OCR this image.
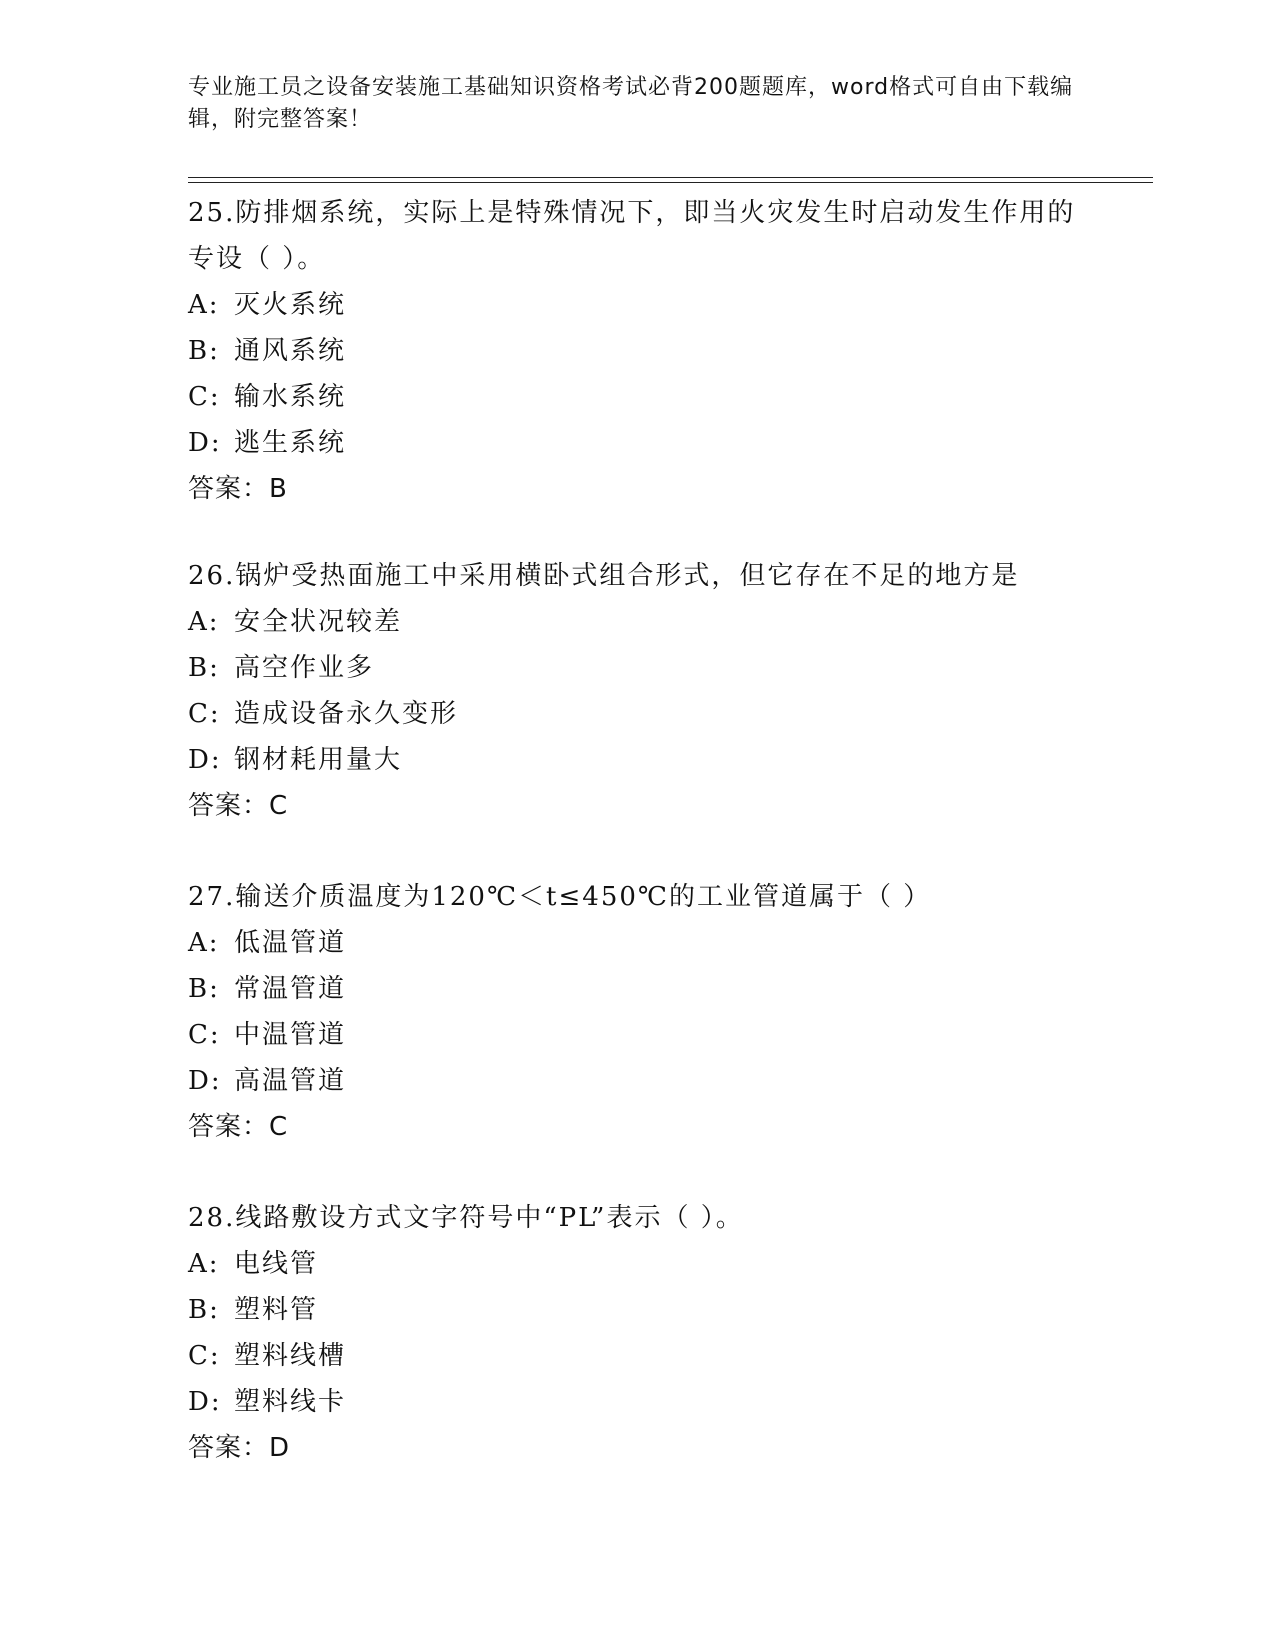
专业施工员之设备安装施工基础知识资格考试必背200题题库，word格式可自由下载编辑，附完整答案！

25.防排烟系统，实际上是特殊情况下，即当火灾发生时启动发生作用的专设（ ）。

A: 灭火系统
B: 通风系统
C: 输水系统
D: 逃生系统
答案：B

26.锅炉受热面施工中采用横卧式组合形式，但它存在不足的地方是

A: 安全状况较差
B: 高空作业多
C: 造成设备永久变形
D: 钢材耗用量大
答案：C

27.输送介质温度为120℃＜t≤450℃的工业管道属于（ ）

A: 低温管道
B: 常温管道
C: 中温管道
D: 高温管道
答案：C

28.线路敷设方式文字符号中“PL”表示（ ）。

A: 电线管
B: 塑料管
C: 塑料线槽
D: 塑料线卡
答案：D
